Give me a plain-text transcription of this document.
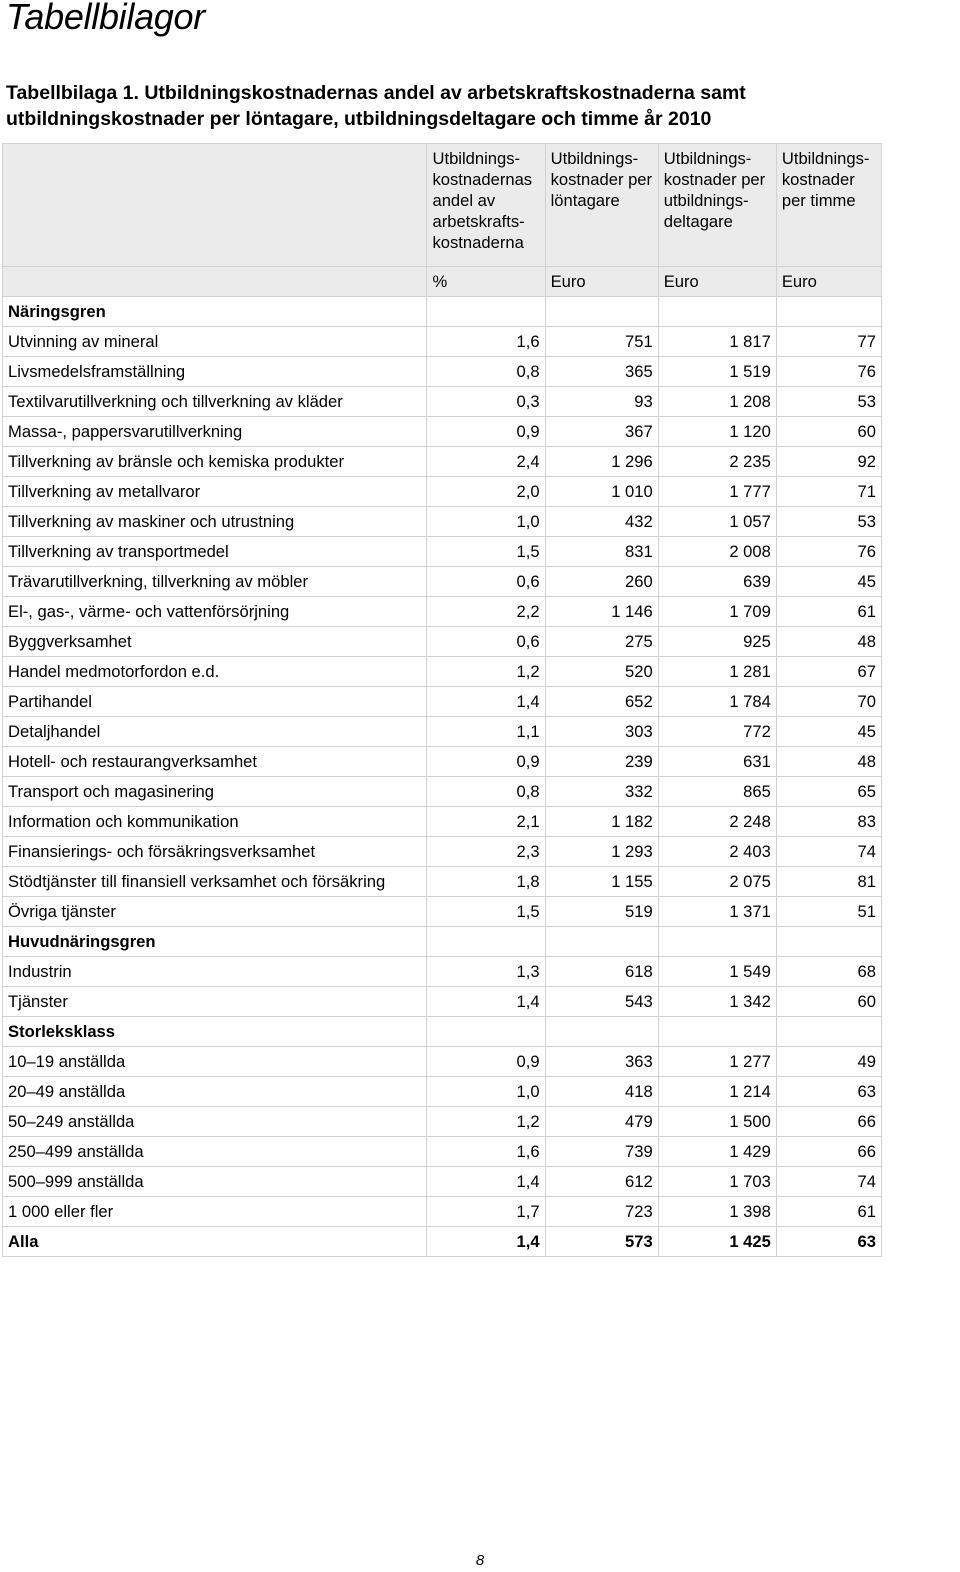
Tabellbilagor

Tabellbilaga 1. Utbildningskostnadernas andel av arbetskraftskostnaderna samt utbildningskostnader per löntagare, utbildningsdeltagare och timme år 2010

	Utbildnings-
kostnadernas andel av arbetskrafts-
kostnaderna	Utbildnings-
kostnader per löntagare	Utbildnings-
kostnader per utbildnings-
deltagare	Utbildnings-
kostnader per timme

	%	Euro	Euro	Euro
Näringsgren				
Utvinning av mineral	1,6	751	1 817	77
Livsmedelsframställning	0,8	365	1 519	76
Textilvarutillverkning och tillverkning av kläder	0,3	93	1 208	53
Massa-, pappersvarutillverkning	0,9	367	1 120	60
Tillverkning av bränsle och kemiska produkter	2,4	1 296	2 235	92
Tillverkning av metallvaror	2,0	1 010	1 777	71
Tillverkning av maskiner och utrustning	1,0	432	1 057	53
Tillverkning av transportmedel	1,5	831	2 008	76
Trävarutillverkning, tillverkning av möbler	0,6	260	639	45
El-, gas-, värme- och vattenförsörjning	2,2	1 146	1 709	61
Byggverksamhet	0,6	275	925	48
Handel medmotorfordon e.d.	1,2	520	1 281	67
Partihandel	1,4	652	1 784	70
Detaljhandel	1,1	303	772	45
Hotell- och restaurangverksamhet	0,9	239	631	48
Transport och magasinering	0,8	332	865	65
Information och kommunikation	2,1	1 182	2 248	83
Finansierings- och försäkringsverksamhet	2,3	1 293	2 403	74
Stödtjänster till finansiell verksamhet och försäkring	1,8	1 155	2 075	81
Övriga tjänster	1,5	519	1 371	51
Huvudnäringsgren				
Industrin	1,3	618	1 549	68
Tjänster	1,4	543	1 342	60
Storleksklass				
10–19 anställda	0,9	363	1 277	49
20–49 anställda	1,0	418	1 214	63
50–249 anställda	1,2	479	1 500	66
250–499 anställda	1,6	739	1 429	66
500–999 anställda	1,4	612	1 703	74
1 000 eller fler	1,7	723	1 398	61
Alla	1,4	573	1 425	63
8
